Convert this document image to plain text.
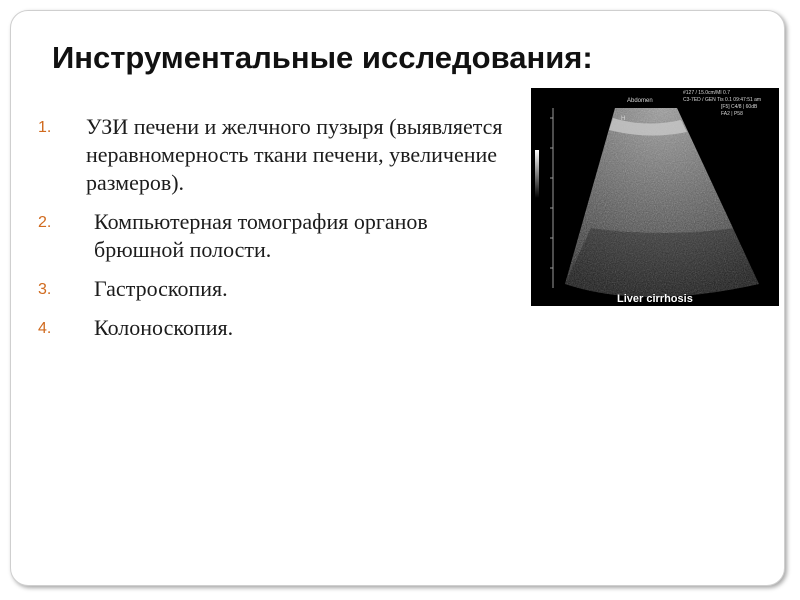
Инструментальные исследования:
1. УЗИ печени и желчного пузыря (выявляется неравномерность ткани печени, увеличение размеров).
2.	Компьютерная томография органов брюшной полости.
3.	Гастроскопия.
4.	Колоноскопия.
Abdomen
#127 / 15.0cm/MI 0.7
C3-7ED / GEN Tis 0.1 09:47:51 am
[F5] C4/8 | 60dB
FA2 | P58
H
Liver cirrhosis
